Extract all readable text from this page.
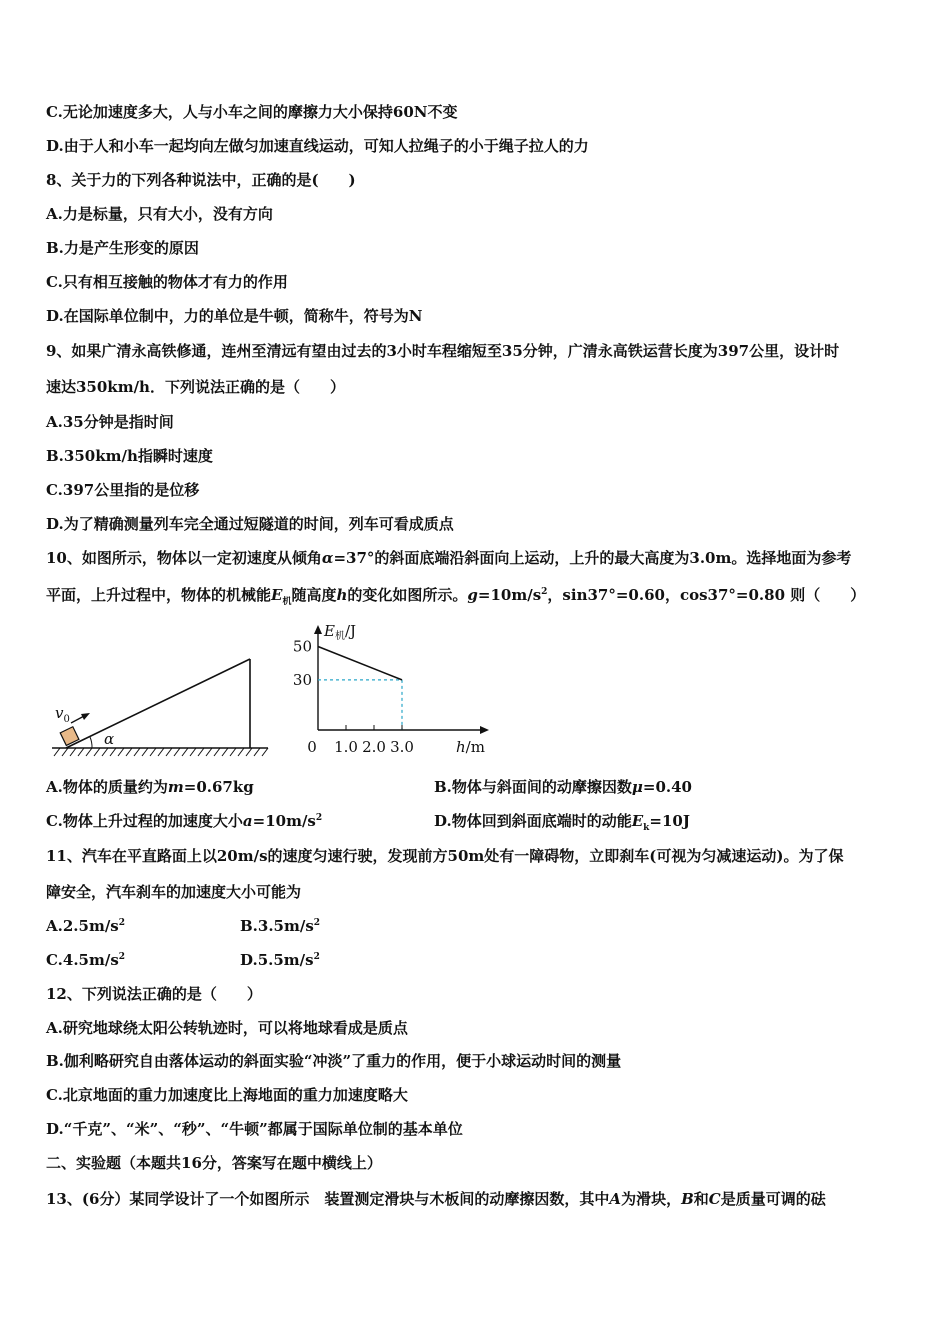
C.无论加速度多大，人与小车之间的摩擦力大小保持60N不变
D.由于人和小车一起均向左做匀加速直线运动，可知人拉绳子的小于绳子拉人的力
8、关于力的下列各种说法中，正确的是(　　)
A.力是标量，只有大小，没有方向
B.力是产生形变的原因
C.只有相互接触的物体才有力的作用
D.在国际单位制中，力的单位是牛顿，简称牛，符号为N
9、如果广清永高铁修通，连州至清远有望由过去的3小时车程缩短至35分钟，广清永高铁运营长度为397公里，设计时
速达350km/h．下列说法正确的是（　　）
A.35分钟是指时间
B.350km/h指瞬时速度
C.397公里指的是位移
D.为了精确测量列车完全通过短隧道的时间，列车可看成质点
10、如图所示，物体以一定初速度从倾角α=37°的斜面底端沿斜面向上运动，上升的最大高度为3.0m。选择地面为参考
平面，上升过程中，物体的机械能$E_机$随高度h的变化如图所示。$g=10m/s^2$，sin37°=0.60，cos37°=0.80 则（　　）
$v_0$
α
$E_机/J$
h/m
0 1.0 2.0 3.0
50
30
A.物体的质量约为m=0.67kg	B.物体与斜面间的动摩擦因数μ=0.40
C.物体上升过程的加速度大小$a=10m/s^2$	D.物体回到斜面底端时的动能$E_k=10J$
11、汽车在平直路面上以20m/s的速度匀速行驶，发现前方50m处有一障碍物，立即刹车(可视为匀减速运动)。为了保
障安全，汽车刹车的加速度大小可能为
$A.2.5m/s^2$	$B.3.5m/s^2$
$C.4.5m/s^2$	$D.5.5m/s^2$
12、下列说法正确的是（　　）
A.研究地球绕太阳公转轨迹时，可以将地球看成是质点
B.伽利略研究自由落体运动的斜面实验“冲淡”了重力的作用，便于小球运动时间的测量
C.北京地面的重力加速度比上海地面的重力加速度略大
D.“千克”、“米”、“秒”、“牛顿”都属于国际单位制的基本单位
二、实验题（本题共16分，答案写在题中横线上）
13、(6分）某同学设计了一个如图所示　装置测定滑块与木板间的动摩擦因数，其中A为滑块，B和C是质量可调的砝
